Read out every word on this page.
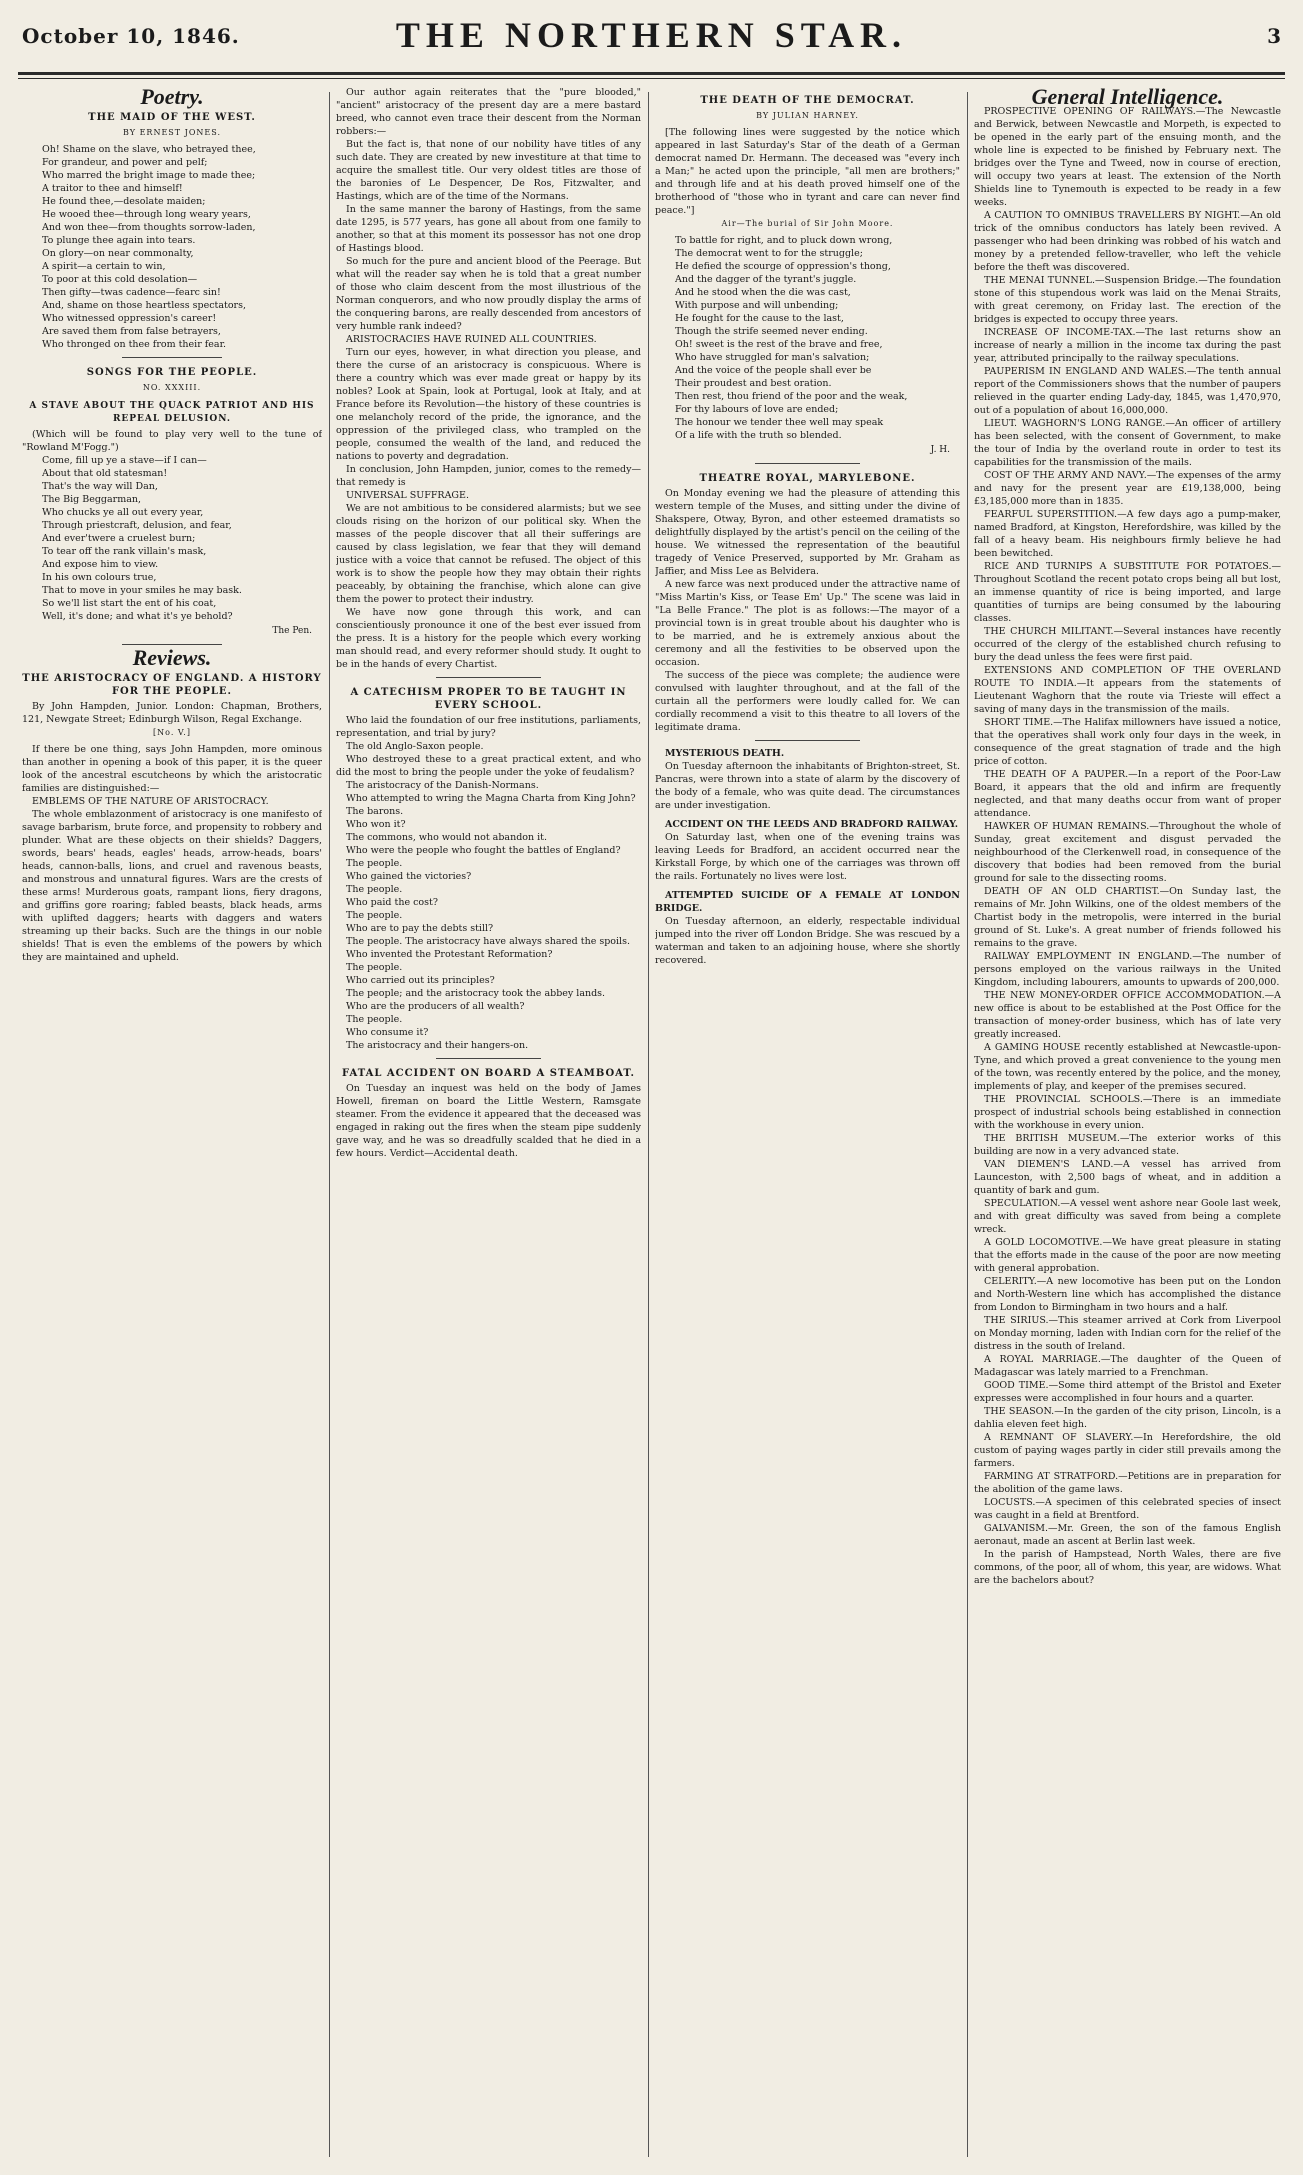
October 10, 1846.	THE NORTHERN STAR.	3
Poetry.
THE MAID OF THE WEST.
BY ERNEST JONES.
Oh! Shame on the slave, who betrayed thee,
For grandeur, and power and pelf;
Who marred the bright image to made thee;
A traitor to thee and himself!
He found thee,—desolate maiden;
He wooed thee—through long weary years,
And won thee—from thoughts sorrow-laden,
To plunge thee again into tears.
On glory—on near commonalty,
A spirit—a certain to win,
To poor at this cold desolation—
Then gifty—twas cadence—fearc sin!
And, shame on those heartless spectators,
Who witnessed oppression's career!
Are saved them from false betrayers,
Who thronged on thee from their fear.
SONGS FOR THE PEOPLE.
NO. XXXIII.
A STAVE ABOUT THE QUACK PATRIOT AND HIS REPEAL DELUSION.

(Which will be found to play very well to the tune of "Rowland M'Fogg.")

Come, fill up ye a stave—if I can—
About that old statesman!
That's the way will Dan,
The Big Beggarman,
Who chucks ye all out every year,
Through priestcraft, delusion, and fear,
And ever'twere a cruelest burn;
To tear off the rank villain's mask,
And expose him to view.
In his own colours true,
That to move in your smiles he may bask.
So we'll list start the ent of his coat,
Well, it's done; and what it's ye behold?
The Pen.
Reviews.
THE ARISTOCRACY OF ENGLAND. A HISTORY FOR THE PEOPLE.

By John Hampden, Junior. London: Chapman, Brothers, 121, Newgate Street; Edinburgh Wilson, Regal Exchange.

[No. V.]

If there be one thing, says John Hampden, more ominous than another in opening a book of this paper, it is the queer look of the ancestral escutcheons by which the aristocratic families are distinguished:—

EMBLEMS OF THE NATURE OF ARISTOCRACY.

The whole emblazonment of aristocracy is one manifesto of savage barbarism, brute force, and propensity to robbery and plunder. What are these objects on their shields? Daggers, swords, bears' heads, eagles' heads, arrow-heads, boars' heads, cannon-balls, lions, and cruel and ravenous beasts, and monstrous and unnatural figures. Wars are the crests of these arms! Murderous goats, rampant lions, fiery dragons, and griffins gore roaring; fabled beasts, black heads, arms with uplifted daggers; hearts with daggers and waters streaming up their backs. Such are the things in our noble shields! That is even the emblems of the powers by which they are maintained and upheld.

Our author again reiterates that the "pure blooded," "ancient" aristocracy of the present day are a mere bastard breed, who cannot even trace their descent from the Norman robbers:—

But the fact is, that none of our nobility have titles of any such date. They are created by new investiture at that time to acquire the smallest title. Our very oldest titles are those of the baronies of Le Despencer, De Ros, Fitzwalter, and Hastings, which are of the time of the Normans.

In the same manner the barony of Hastings, from the same date 1295, is 577 years, has gone all about from one family to another, so that at this moment its possessor has not one drop of Hastings blood.

So much for the pure and ancient blood of the Peerage. But what will the reader say when he is told that a great number of those who claim descent from the most illustrious of the Norman conquerors, and who now proudly display the arms of the conquering barons, are really descended from ancestors of very humble rank indeed?

ARISTOCRACIES HAVE RUINED ALL COUNTRIES.

Turn our eyes, however, in what direction you please, and there the curse of an aristocracy is conspicuous. Where is there a country which was ever made great or happy by its nobles? Look at Spain, look at Portugal, look at Italy, and at France before its Revolution—the history of these countries is one melancholy record of the pride, the ignorance, and the oppression of the privileged class, who trampled on the people, consumed the wealth of the land, and reduced the nations to poverty and degradation.

In conclusion, John Hampden, junior, comes to the remedy—that remedy is

UNIVERSAL SUFFRAGE.

We are not ambitious to be considered alarmists; but we see clouds rising on the horizon of our political sky. When the masses of the people discover that all their sufferings are caused by class legislation, we fear that they will demand justice with a voice that cannot be refused. The object of this work is to show the people how they may obtain their rights peaceably, by obtaining the franchise, which alone can give them the power to protect their industry.

We have now gone through this work, and can conscientiously pronounce it one of the best ever issued from the press. It is a history for the people which every working man should read, and every reformer should study. It ought to be in the hands of every Chartist.

A CATECHISM PROPER TO BE TAUGHT IN EVERY SCHOOL.

Who laid the foundation of our free institutions, parliaments, representation, and trial by jury?

The old Anglo-Saxon people.

Who destroyed these to a great practical extent, and who did the most to bring the people under the yoke of feudalism?

The aristocracy of the Danish-Normans.

Who attempted to wring the Magna Charta from King John?

The barons.

Who won it?

The commons, who would not abandon it.

Who were the people who fought the battles of England?

The people.

Who gained the victories?

The people.

Who paid the cost?

The people.

Who are to pay the debts still?

The people. The aristocracy have always shared the spoils.

Who invented the Protestant Reformation?

The people.

Who carried out its principles?

The people; and the aristocracy took the abbey lands.

Who are the producers of all wealth?

The people.

Who consume it?

The aristocracy and their hangers-on.

FATAL ACCIDENT ON BOARD A STEAMBOAT.

On Tuesday an inquest was held on the body of James Howell, fireman on board the Little Western, Ramsgate steamer. From the evidence it appeared that the deceased was engaged in raking out the fires when the steam pipe suddenly gave way, and he was so dreadfully scalded that he died in a few hours. Verdict—Accidental death.

THE DEATH OF THE DEMOCRAT.
BY JULIAN HARNEY.

[The following lines were suggested by the notice which appeared in last Saturday's Star of the death of a German democrat named Dr. Hermann. The deceased was "every inch a Man;" he acted upon the principle, "all men are brothers;" and through life and at his death proved himself one of the brotherhood of "those who in tyrant and care can never find peace."]

Air—The burial of Sir John Moore.
To battle for right, and to pluck down wrong,
The democrat went to for the struggle;
He defied the scourge of oppression's thong,
And the dagger of the tyrant's juggle.
And he stood when the die was cast,
With purpose and will unbending;
He fought for the cause to the last,
Though the strife seemed never ending.
Oh! sweet is the rest of the brave and free,
Who have struggled for man's salvation;
And the voice of the people shall ever be
Their proudest and best oration.
Then rest, thou friend of the poor and the weak,
For thy labours of love are ended;
The honour we tender thee well may speak
Of a life with the truth so blended.
J. H.
THEATRE ROYAL, MARYLEBONE.

On Monday evening we had the pleasure of attending this western temple of the Muses, and sitting under the divine of Shakspere, Otway, Byron, and other esteemed dramatists so delightfully displayed by the artist's pencil on the ceiling of the house. We witnessed the representation of the beautiful tragedy of Venice Preserved, supported by Mr. Graham as Jaffier, and Miss Lee as Belvidera.

A new farce was next produced under the attractive name of "Miss Martin's Kiss, or Tease Em' Up." The scene was laid in "La Belle France." The plot is as follows:—The mayor of a provincial town is in great trouble about his daughter who is to be married, and he is extremely anxious about the ceremony and all the festivities to be observed upon the occasion.

The success of the piece was complete; the audience were convulsed with laughter throughout, and at the fall of the curtain all the performers were loudly called for. We can cordially recommend a visit to this theatre to all lovers of the legitimate drama.

MYSTERIOUS DEATH.

On Tuesday afternoon the inhabitants of Brighton-street, St. Pancras, were thrown into a state of alarm by the discovery of the body of a female, who was quite dead. The circumstances are under investigation.

ACCIDENT ON THE LEEDS AND BRADFORD RAILWAY.

On Saturday last, when one of the evening trains was leaving Leeds for Bradford, an accident occurred near the Kirkstall Forge, by which one of the carriages was thrown off the rails. Fortunately no lives were lost.

ATTEMPTED SUICIDE OF A FEMALE AT LONDON BRIDGE.

On Tuesday afternoon, an elderly, respectable individual jumped into the river off London Bridge. She was rescued by a waterman and taken to an adjoining house, where she shortly recovered.

General Intelligence.

PROSPECTIVE OPENING OF RAILWAYS.—The Newcastle and Berwick, between Newcastle and Morpeth, is expected to be opened in the early part of the ensuing month, and the whole line is expected to be finished by February next. The bridges over the Tyne and Tweed, now in course of erection, will occupy two years at least. The extension of the North Shields line to Tynemouth is expected to be ready in a few weeks.

A CAUTION TO OMNIBUS TRAVELLERS BY NIGHT.—An old trick of the omnibus conductors has lately been revived. A passenger who had been drinking was robbed of his watch and money by a pretended fellow-traveller, who left the vehicle before the theft was discovered.

THE MENAI TUNNEL.—Suspension Bridge.—The foundation stone of this stupendous work was laid on the Menai Straits, with great ceremony, on Friday last. The erection of the bridges is expected to occupy three years.

INCREASE OF INCOME-TAX.—The last returns show an increase of nearly a million in the income tax during the past year, attributed principally to the railway speculations.

PAUPERISM IN ENGLAND AND WALES.—The tenth annual report of the Commissioners shows that the number of paupers relieved in the quarter ending Lady-day, 1845, was 1,470,970, out of a population of about 16,000,000.

LIEUT. WAGHORN'S LONG RANGE.—An officer of artillery has been selected, with the consent of Government, to make the tour of India by the overland route in order to test its capabilities for the transmission of the mails.

COST OF THE ARMY AND NAVY.—The expenses of the army and navy for the present year are £19,138,000, being £3,185,000 more than in 1835.

FEARFUL SUPERSTITION.—A few days ago a pump-maker, named Bradford, at Kingston, Herefordshire, was killed by the fall of a heavy beam. His neighbours firmly believe he had been bewitched.

RICE AND TURNIPS A SUBSTITUTE FOR POTATOES.—Throughout Scotland the recent potato crops being all but lost, an immense quantity of rice is being imported, and large quantities of turnips are being consumed by the labouring classes.

THE CHURCH MILITANT.—Several instances have recently occurred of the clergy of the established church refusing to bury the dead unless the fees were first paid.

EXTENSIONS AND COMPLETION OF THE OVERLAND ROUTE TO INDIA.—It appears from the statements of Lieutenant Waghorn that the route via Trieste will effect a saving of many days in the transmission of the mails.

SHORT TIME.—The Halifax millowners have issued a notice, that the operatives shall work only four days in the week, in consequence of the great stagnation of trade and the high price of cotton.

THE DEATH OF A PAUPER.—In a report of the Poor-Law Board, it appears that the old and infirm are frequently neglected, and that many deaths occur from want of proper attendance.

HAWKER OF HUMAN REMAINS.—Throughout the whole of Sunday, great excitement and disgust pervaded the neighbourhood of the Clerkenwell road, in consequence of the discovery that bodies had been removed from the burial ground for sale to the dissecting rooms.

DEATH OF AN OLD CHARTIST.—On Sunday last, the remains of Mr. John Wilkins, one of the oldest members of the Chartist body in the metropolis, were interred in the burial ground of St. Luke's. A great number of friends followed his remains to the grave.

RAILWAY EMPLOYMENT IN ENGLAND.—The number of persons employed on the various railways in the United Kingdom, including labourers, amounts to upwards of 200,000.

THE NEW MONEY-ORDER OFFICE ACCOMMODATION.—A new office is about to be established at the Post Office for the transaction of money-order business, which has of late very greatly increased.

A GAMING HOUSE recently established at Newcastle-upon-Tyne, and which proved a great convenience to the young men of the town, was recently entered by the police, and the money, implements of play, and keeper of the premises secured.

THE PROVINCIAL SCHOOLS.—There is an immediate prospect of industrial schools being established in connection with the workhouse in every union.

THE BRITISH MUSEUM.—The exterior works of this building are now in a very advanced state.

VAN DIEMEN'S LAND.—A vessel has arrived from Launceston, with 2,500 bags of wheat, and in addition a quantity of bark and gum.

SPECULATION.—A vessel went ashore near Goole last week, and with great difficulty was saved from being a complete wreck.

A GOLD LOCOMOTIVE.—We have great pleasure in stating that the efforts made in the cause of the poor are now meeting with general approbation.

CELERITY.—A new locomotive has been put on the London and North-Western line which has accomplished the distance from London to Birmingham in two hours and a half.

THE SIRIUS.—This steamer arrived at Cork from Liverpool on Monday morning, laden with Indian corn for the relief of the distress in the south of Ireland.

A ROYAL MARRIAGE.—The daughter of the Queen of Madagascar was lately married to a Frenchman.

GOOD TIME.—Some third attempt of the Bristol and Exeter expresses were accomplished in four hours and a quarter.

THE SEASON.—In the garden of the city prison, Lincoln, is a dahlia eleven feet high.

A REMNANT OF SLAVERY.—In Herefordshire, the old custom of paying wages partly in cider still prevails among the farmers.

FARMING AT STRATFORD.—Petitions are in preparation for the abolition of the game laws.

LOCUSTS.—A specimen of this celebrated species of insect was caught in a field at Brentford.

GALVANISM.—Mr. Green, the son of the famous English aeronaut, made an ascent at Berlin last week.

In the parish of Hampstead, North Wales, there are five commons, of the poor, all of whom, this year, are widows. What are the bachelors about?
